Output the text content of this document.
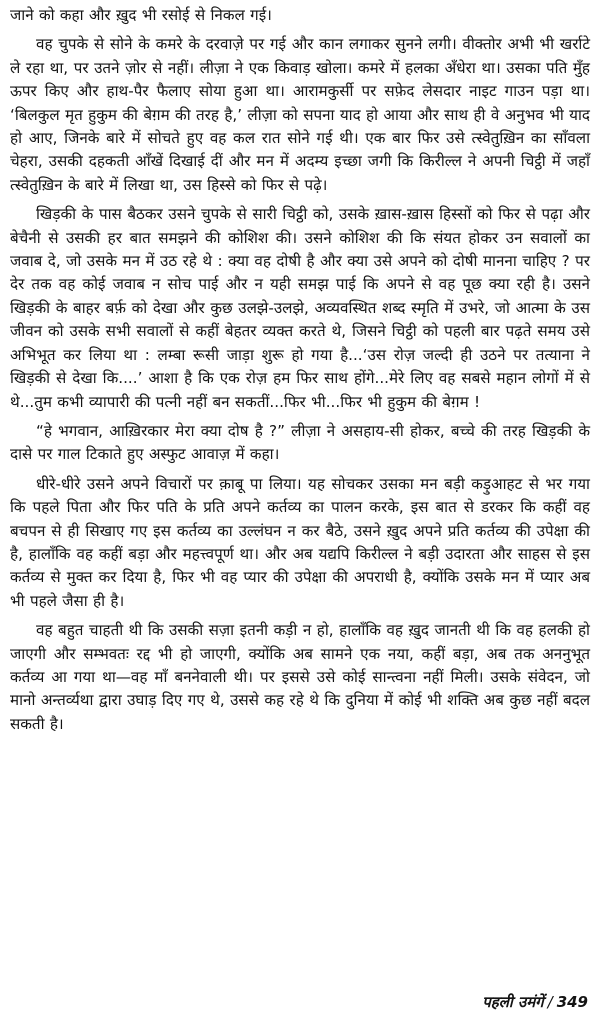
जाने को कहा और ख़ुद भी रसोई से निकल गई।

वह चुपके से सोने के कमरे के दरवाज़े पर गई और कान लगाकर सुनने लगी। वीक्तोर अभी भी खर्राटे ले रहा था, पर उतने ज़ोर से नहीं। लीज़ा ने एक किवाड़ खोला। कमरे में हलका अँधेरा था। उसका पति मुँह ऊपर किए और हाथ-पैर फैलाए सोया हुआ था। आरामकुर्सी पर सफ़ेद लेसदार नाइट गाउन पड़ा था। ‘बिलकुल मृत हुकुम की बेग़म की तरह है,’ लीज़ा को सपना याद हो आया और साथ ही वे अनुभव भी याद हो आए, जिनके बारे में सोचते हुए वह कल रात सोने गई थी। एक बार फिर उसे त्स्वेतुख़िन का साँवला चेहरा, उसकी दहकती आँखें दिखाई दीं और मन में अदम्य इच्छा जगी कि किरील्ल ने अपनी चिट्ठी में जहाँ त्स्वेतुख़िन के बारे में लिखा था, उस हिस्से को फिर से पढ़े।

खिड़की के पास बैठकर उसने चुपके से सारी चिट्ठी को, उसके ख़ास-ख़ास हिस्सों को फिर से पढ़ा और बेचैनी से उसकी हर बात समझने की कोशिश की। उसने कोशिश की कि संयत होकर उन सवालों का जवाब दे, जो उसके मन में उठ रहे थे : क्या वह दोषी है और क्या उसे अपने को दोषी मानना चाहिए ? पर देर तक वह कोई जवाब न सोच पाई और न यही समझ पाई कि अपने से वह पूछ क्या रही है। उसने खिड़की के बाहर बर्फ़ को देखा और कुछ उलझे-उलझे, अव्यवस्थित शब्द स्मृति में उभरे, जो आत्मा के उस जीवन को उसके सभी सवालों से कहीं बेहतर व्यक्त करते थे, जिसने चिट्ठी को पहली बार पढ़ते समय उसे अभिभूत कर लिया था : लम्बा रूसी जाड़ा शुरू हो गया है...‘उस रोज़ जल्दी ही उठने पर तत्याना ने खिड़की से देखा कि....’ आशा है कि एक रोज़ हम फिर साथ होंगे...मेरे लिए वह सबसे महान लोगों में से थे...तुम कभी व्यापारी की पत्नी नहीं बन सकतीं...फिर भी...फिर भी हुकुम की बेग़म !

“हे भगवान, आख़िरकार मेरा क्या दोष है ?” लीज़ा ने असहाय-सी होकर, बच्चे की तरह खिड़की के दासे पर गाल टिकाते हुए अस्फुट आवाज़ में कहा।

धीरे-धीरे उसने अपने विचारों पर क़ाबू पा लिया। यह सोचकर उसका मन बड़ी कड़ुआहट से भर गया कि पहले पिता और फिर पति के प्रति अपने कर्तव्य का पालन करके, इस बात से डरकर कि कहीं वह बचपन से ही सिखाए गए इस कर्तव्य का उल्लंघन न कर बैठे, उसने ख़ुद अपने प्रति कर्तव्य की उपेक्षा की है, हालाँकि वह कहीं बड़ा और महत्त्वपूर्ण था। और अब यद्यपि किरील्ल ने बड़ी उदारता और साहस से इस कर्तव्य से मुक्त कर दिया है, फिर भी वह प्यार की उपेक्षा की अपराधी है, क्योंकि उसके मन में प्यार अब भी पहले जैसा ही है।

वह बहुत चाहती थी कि उसकी सज़ा इतनी कड़ी न हो, हालाँकि वह ख़ुद जानती थी कि वह हलकी हो जाएगी और सम्भवतः रद्द भी हो जाएगी, क्योंकि अब सामने एक नया, कहीं बड़ा, अब तक अननुभूत कर्तव्य आ गया था—वह माँ बननेवाली थी। पर इससे उसे कोई सान्त्वना नहीं मिली। उसके संवेदन, जो मानो अन्तर्व्यथा द्वारा उघाड़ दिए गए थे, उससे कह रहे थे कि दुनिया में कोई भी शक्ति अब कुछ नहीं बदल सकती है।

पहली उमंगें / 349
